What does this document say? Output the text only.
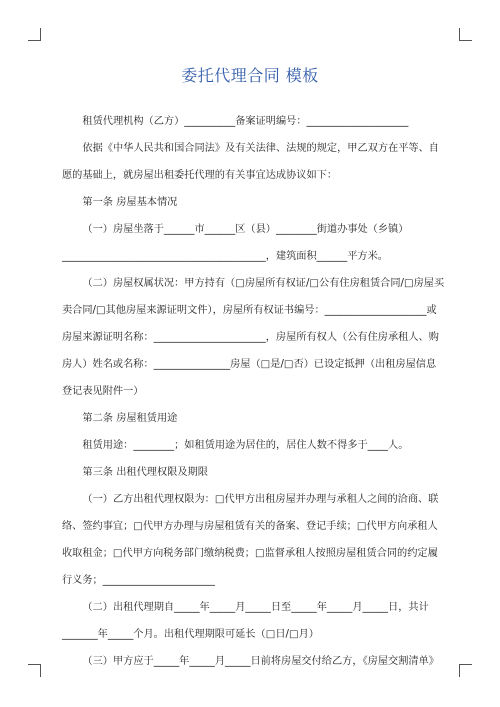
委托代理合同 模板

租赁代理机构（乙方）__________备案证明编号：____________________

依据《中华人民共和国合同法》及有关法律、法规的规定，甲乙双方在平等、自愿的基础上，就房屋出租委托代理的有关事宜达成协议如下：

第一条 房屋基本情况

（一）房屋坐落于______市______区（县）________街道办事处（乡镇）________________________________________，建筑面积______平方米。

（二）房屋权属状况：甲方持有（□房屋所有权证/□公有住房租赁合同/□房屋买卖合同/□其他房屋来源证明文件），房屋所有权证书编号：____________________或房屋来源证明名称：______________________，房屋所有权人（公有住房承租人、购房人）姓名或名称：_______________房屋（□是/□否）已设定抵押（出租房屋信息登记表见附件一）

第二条 房屋租赁用途

租赁用途：________；如租赁用途为居住的，居住人数不得多于____人。

第三条 出租代理权限及期限

（一）乙方出租代理权限为：□代甲方出租房屋并办理与承租人之间的洽商、联络、签约事宜；□代甲方办理与房屋租赁有关的备案、登记手续；□代甲方向承租人收取租金；□代甲方向税务部门缴纳税费；□监督承租人按照房屋租赁合同的约定履行义务；______________________

（二）出租代理期自_____年_____月_____日至_____年_____月_____日，共计_______年_____个月。出租代理期限可延长（□日/□月）

（三）甲方应于_____年_____月_____日前将房屋交付给乙方，《房屋交割清单》
